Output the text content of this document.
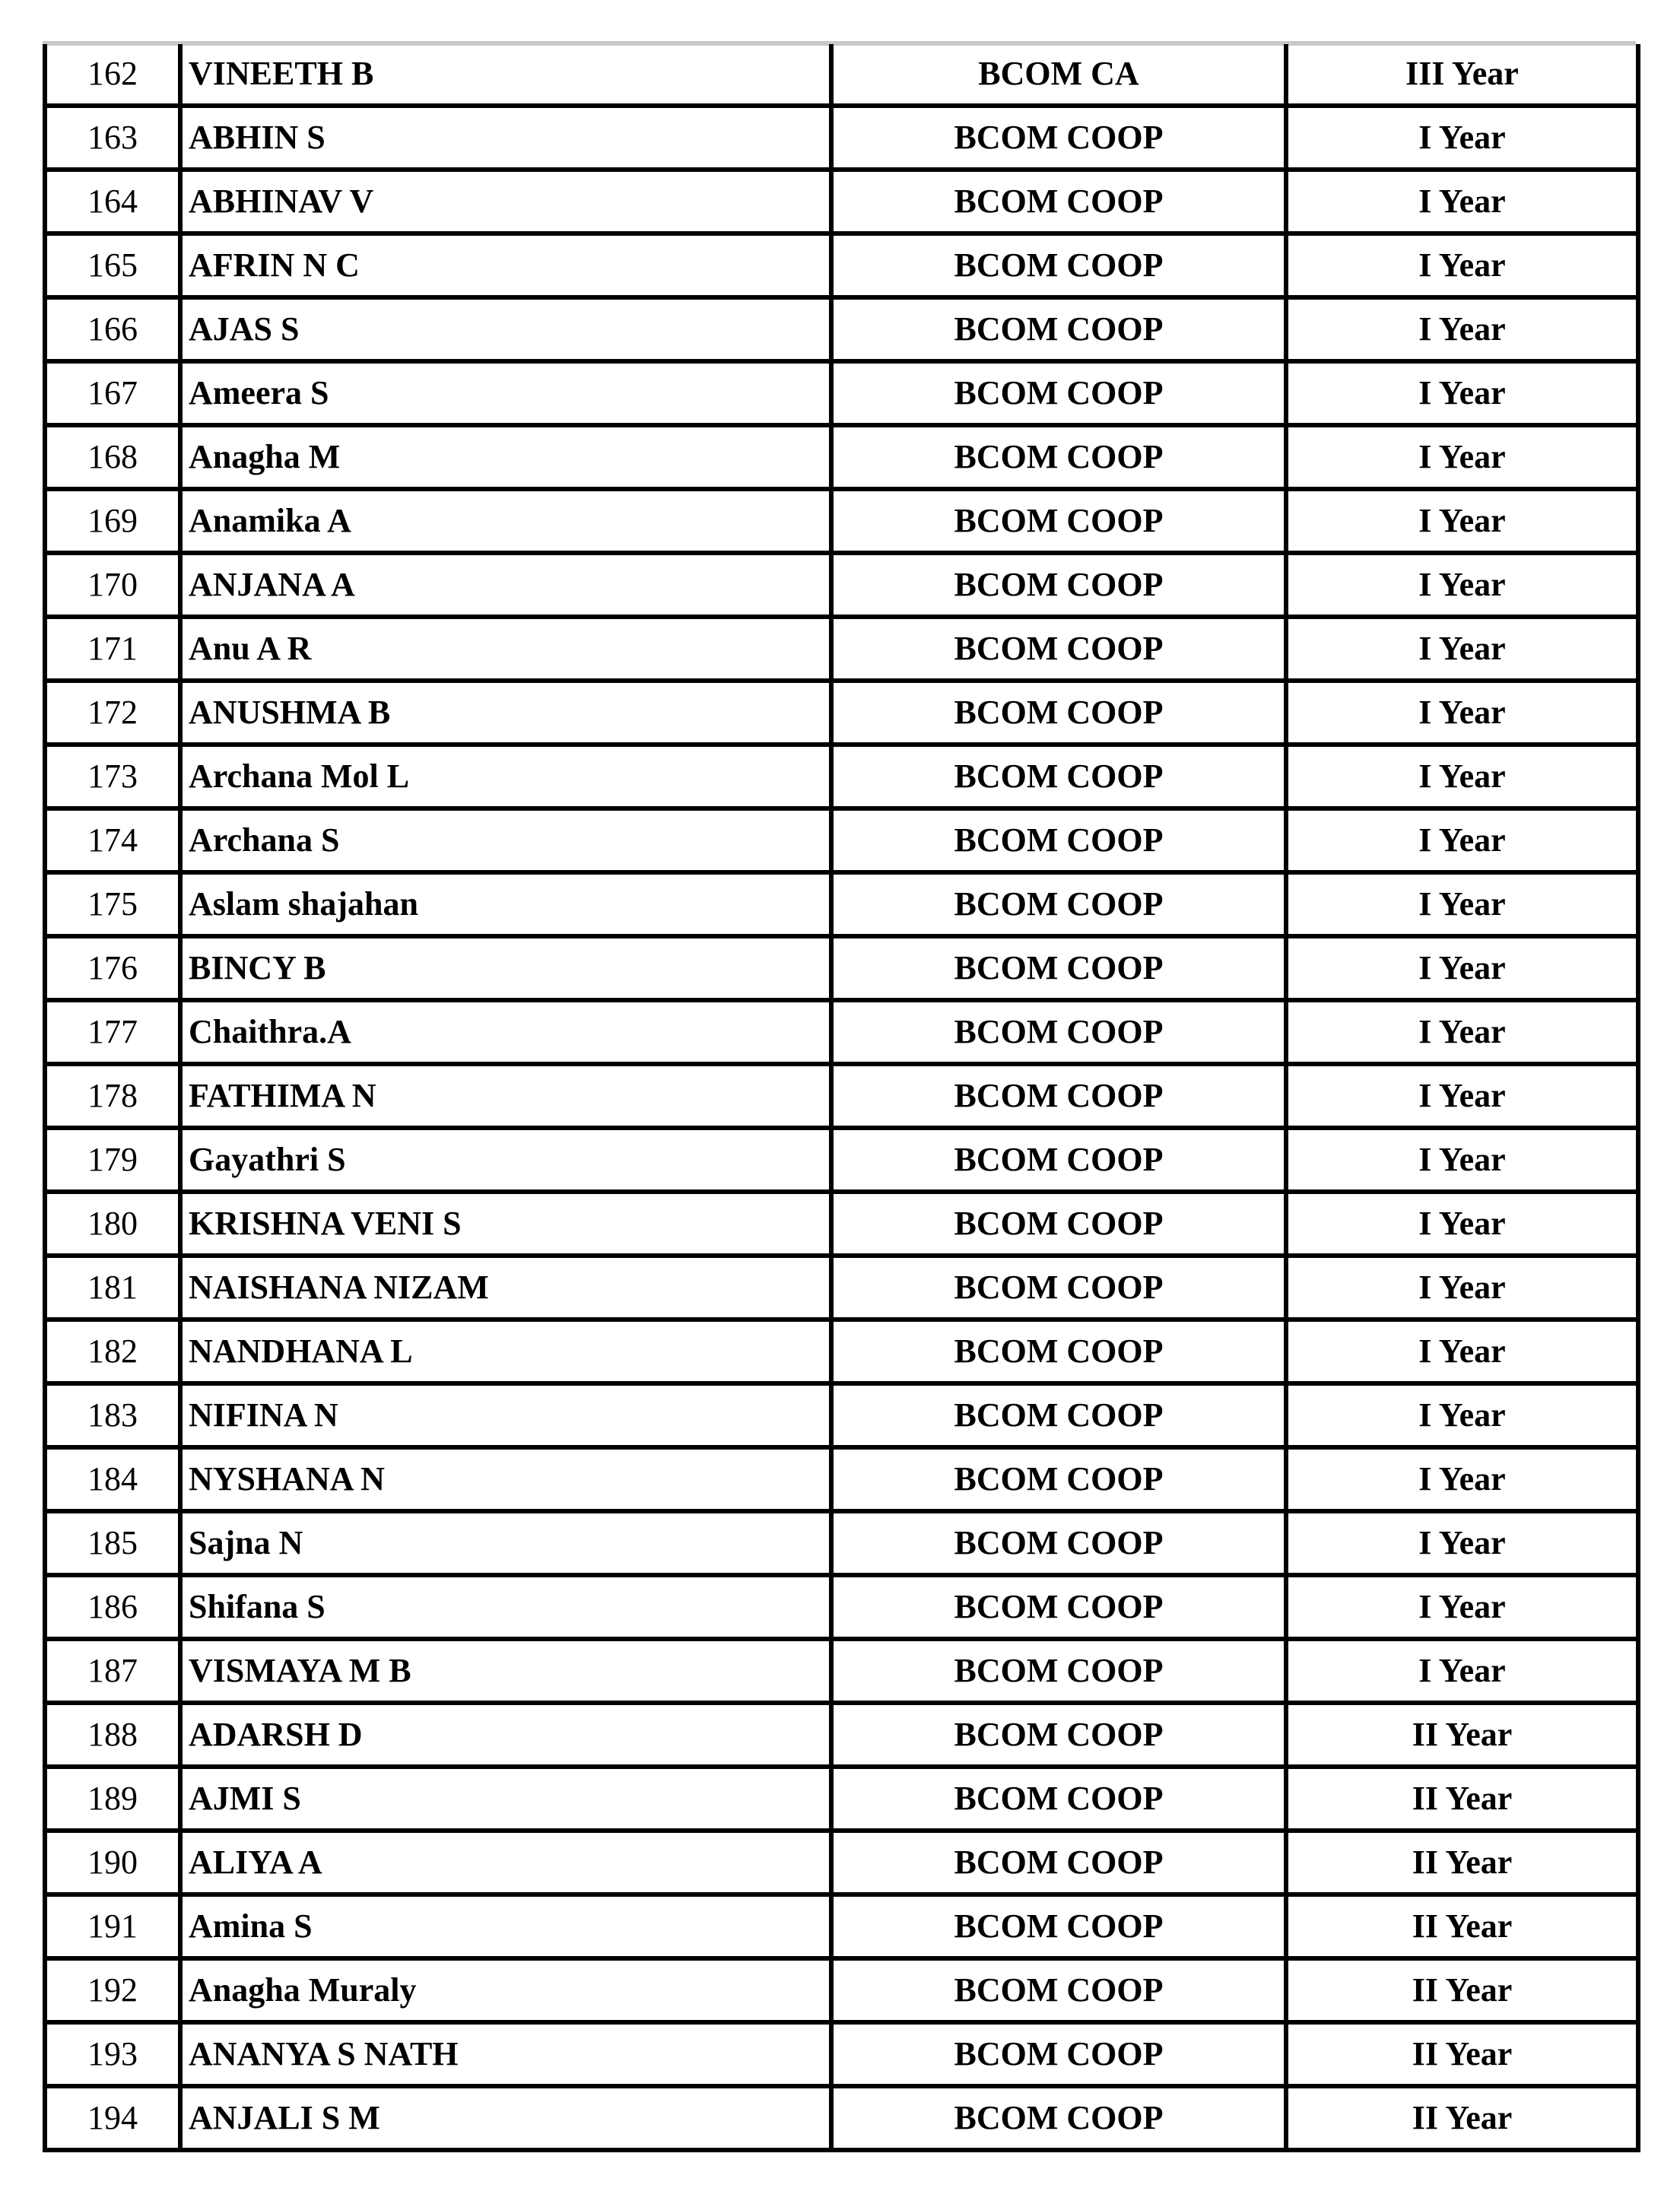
162	VINEETH B	BCOM CA	III Year
163	ABHIN S	BCOM COOP	I Year
164	ABHINAV V	BCOM COOP	I Year
165	AFRIN N C	BCOM COOP	I Year
166	AJAS S	BCOM COOP	I Year
167	Ameera S	BCOM COOP	I Year
168	Anagha M	BCOM COOP	I Year
169	Anamika A	BCOM COOP	I Year
170	ANJANA A	BCOM COOP	I Year
171	Anu A R	BCOM COOP	I Year
172	ANUSHMA B	BCOM COOP	I Year
173	Archana Mol L	BCOM COOP	I Year
174	Archana S	BCOM COOP	I Year
175	Aslam shajahan	BCOM COOP	I Year
176	BINCY B	BCOM COOP	I Year
177	Chaithra.A	BCOM COOP	I Year
178	FATHIMA N	BCOM COOP	I Year
179	Gayathri S	BCOM COOP	I Year
180	KRISHNA VENI S	BCOM COOP	I Year
181	NAISHANA NIZAM	BCOM COOP	I Year
182	NANDHANA L	BCOM COOP	I Year
183	NIFINA N	BCOM COOP	I Year
184	NYSHANA N	BCOM COOP	I Year
185	Sajna N	BCOM COOP	I Year
186	Shifana S	BCOM COOP	I Year
187	VISMAYA M B	BCOM COOP	I Year
188	ADARSH D	BCOM COOP	II Year
189	AJMI S	BCOM COOP	II Year
190	ALIYA A	BCOM COOP	II Year
191	Amina S	BCOM COOP	II Year
192	Anagha Muraly	BCOM COOP	II Year
193	ANANYA S NATH	BCOM COOP	II Year
194	ANJALI S M	BCOM COOP	II Year
